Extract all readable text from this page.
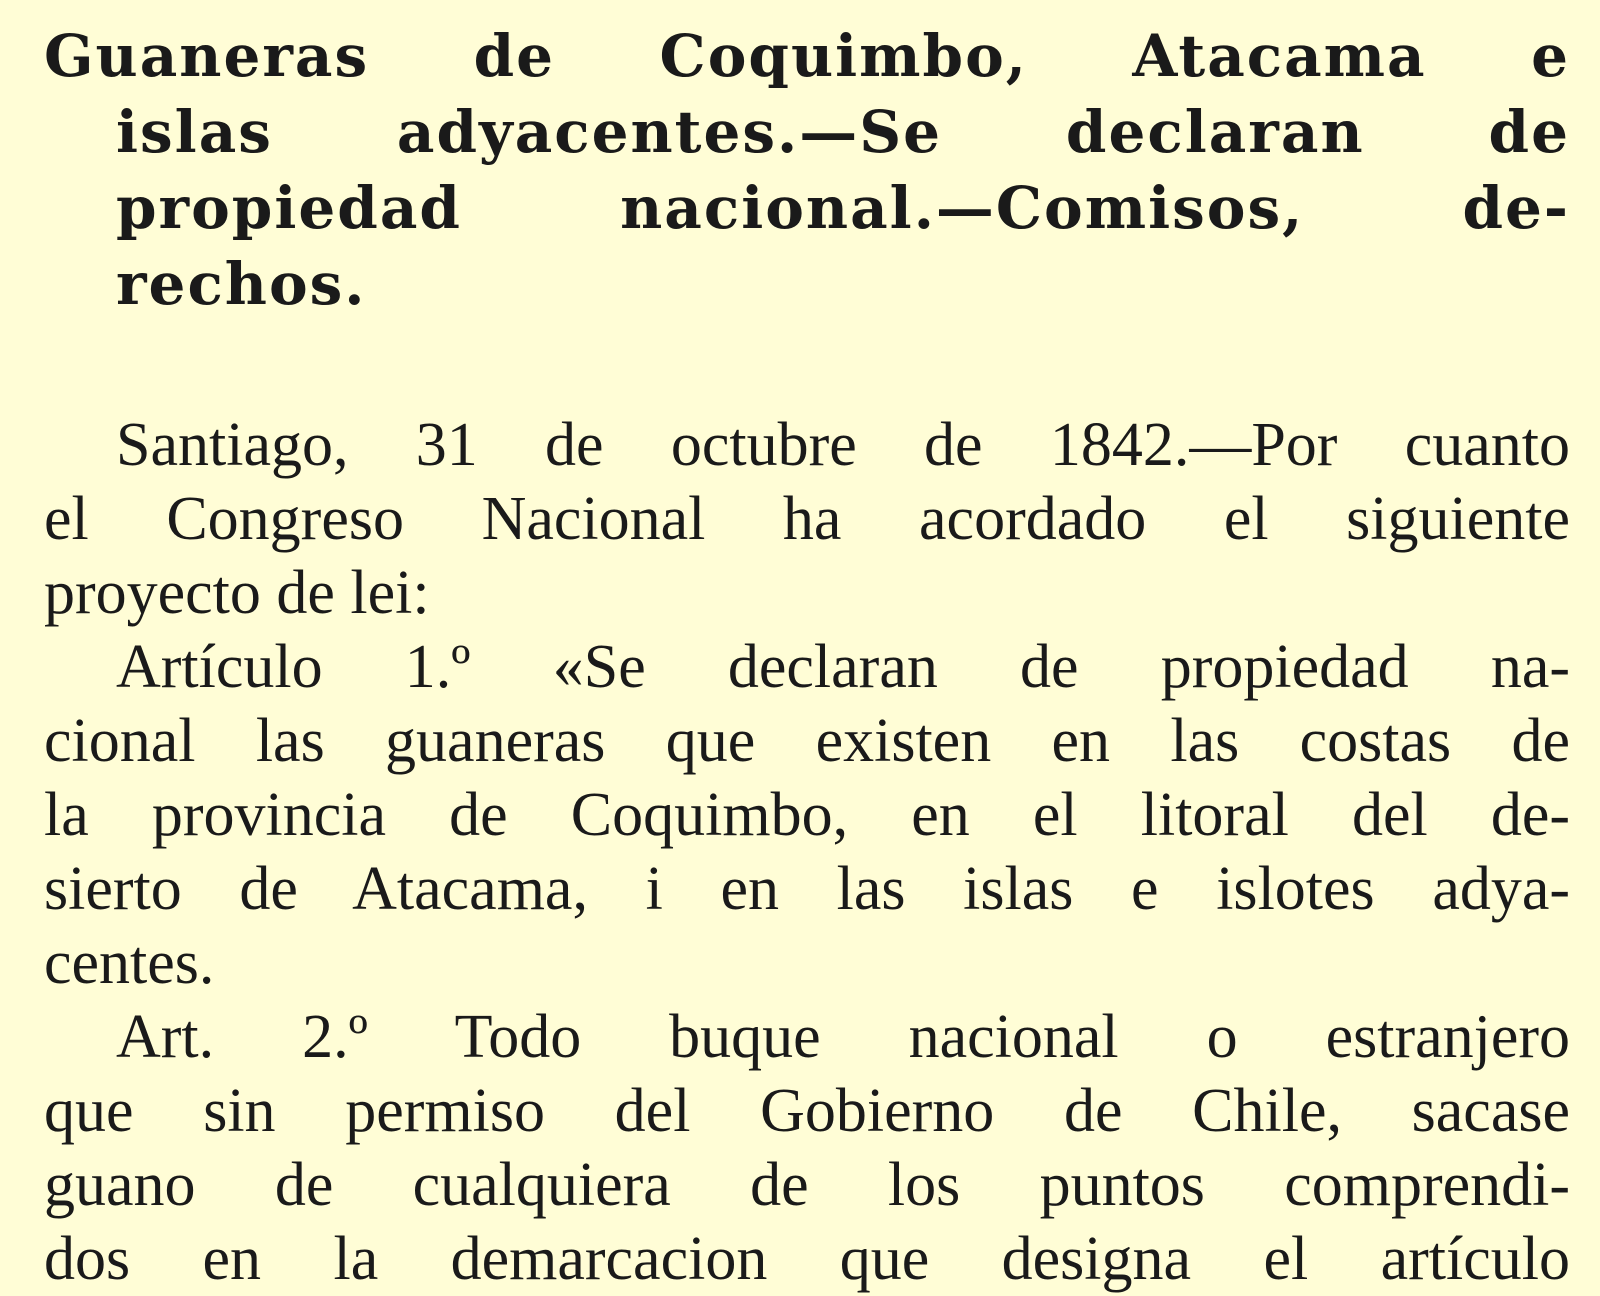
Guaneras de Coquimbo, Atacama e
islas adyacentes.—Se declaran de
propiedad nacional.—Comisos, de-
rechos.
Santiago, 31 de octubre de 1842.—Por cuanto
el Congreso Nacional ha acordado el siguiente
proyecto de lei:
Artículo 1.º «Se declaran de propiedad na-
cional las guaneras que existen en las costas de
la provincia de Coquimbo, en el litoral del de-
sierto de Atacama, i en las islas e islotes adya-
centes.
Art. 2.º Todo buque nacional o estranjero
que sin permiso del Gobierno de Chile, sacase
guano de cualquiera de los puntos comprendi-
dos en la demarcacion que designa el artículo
